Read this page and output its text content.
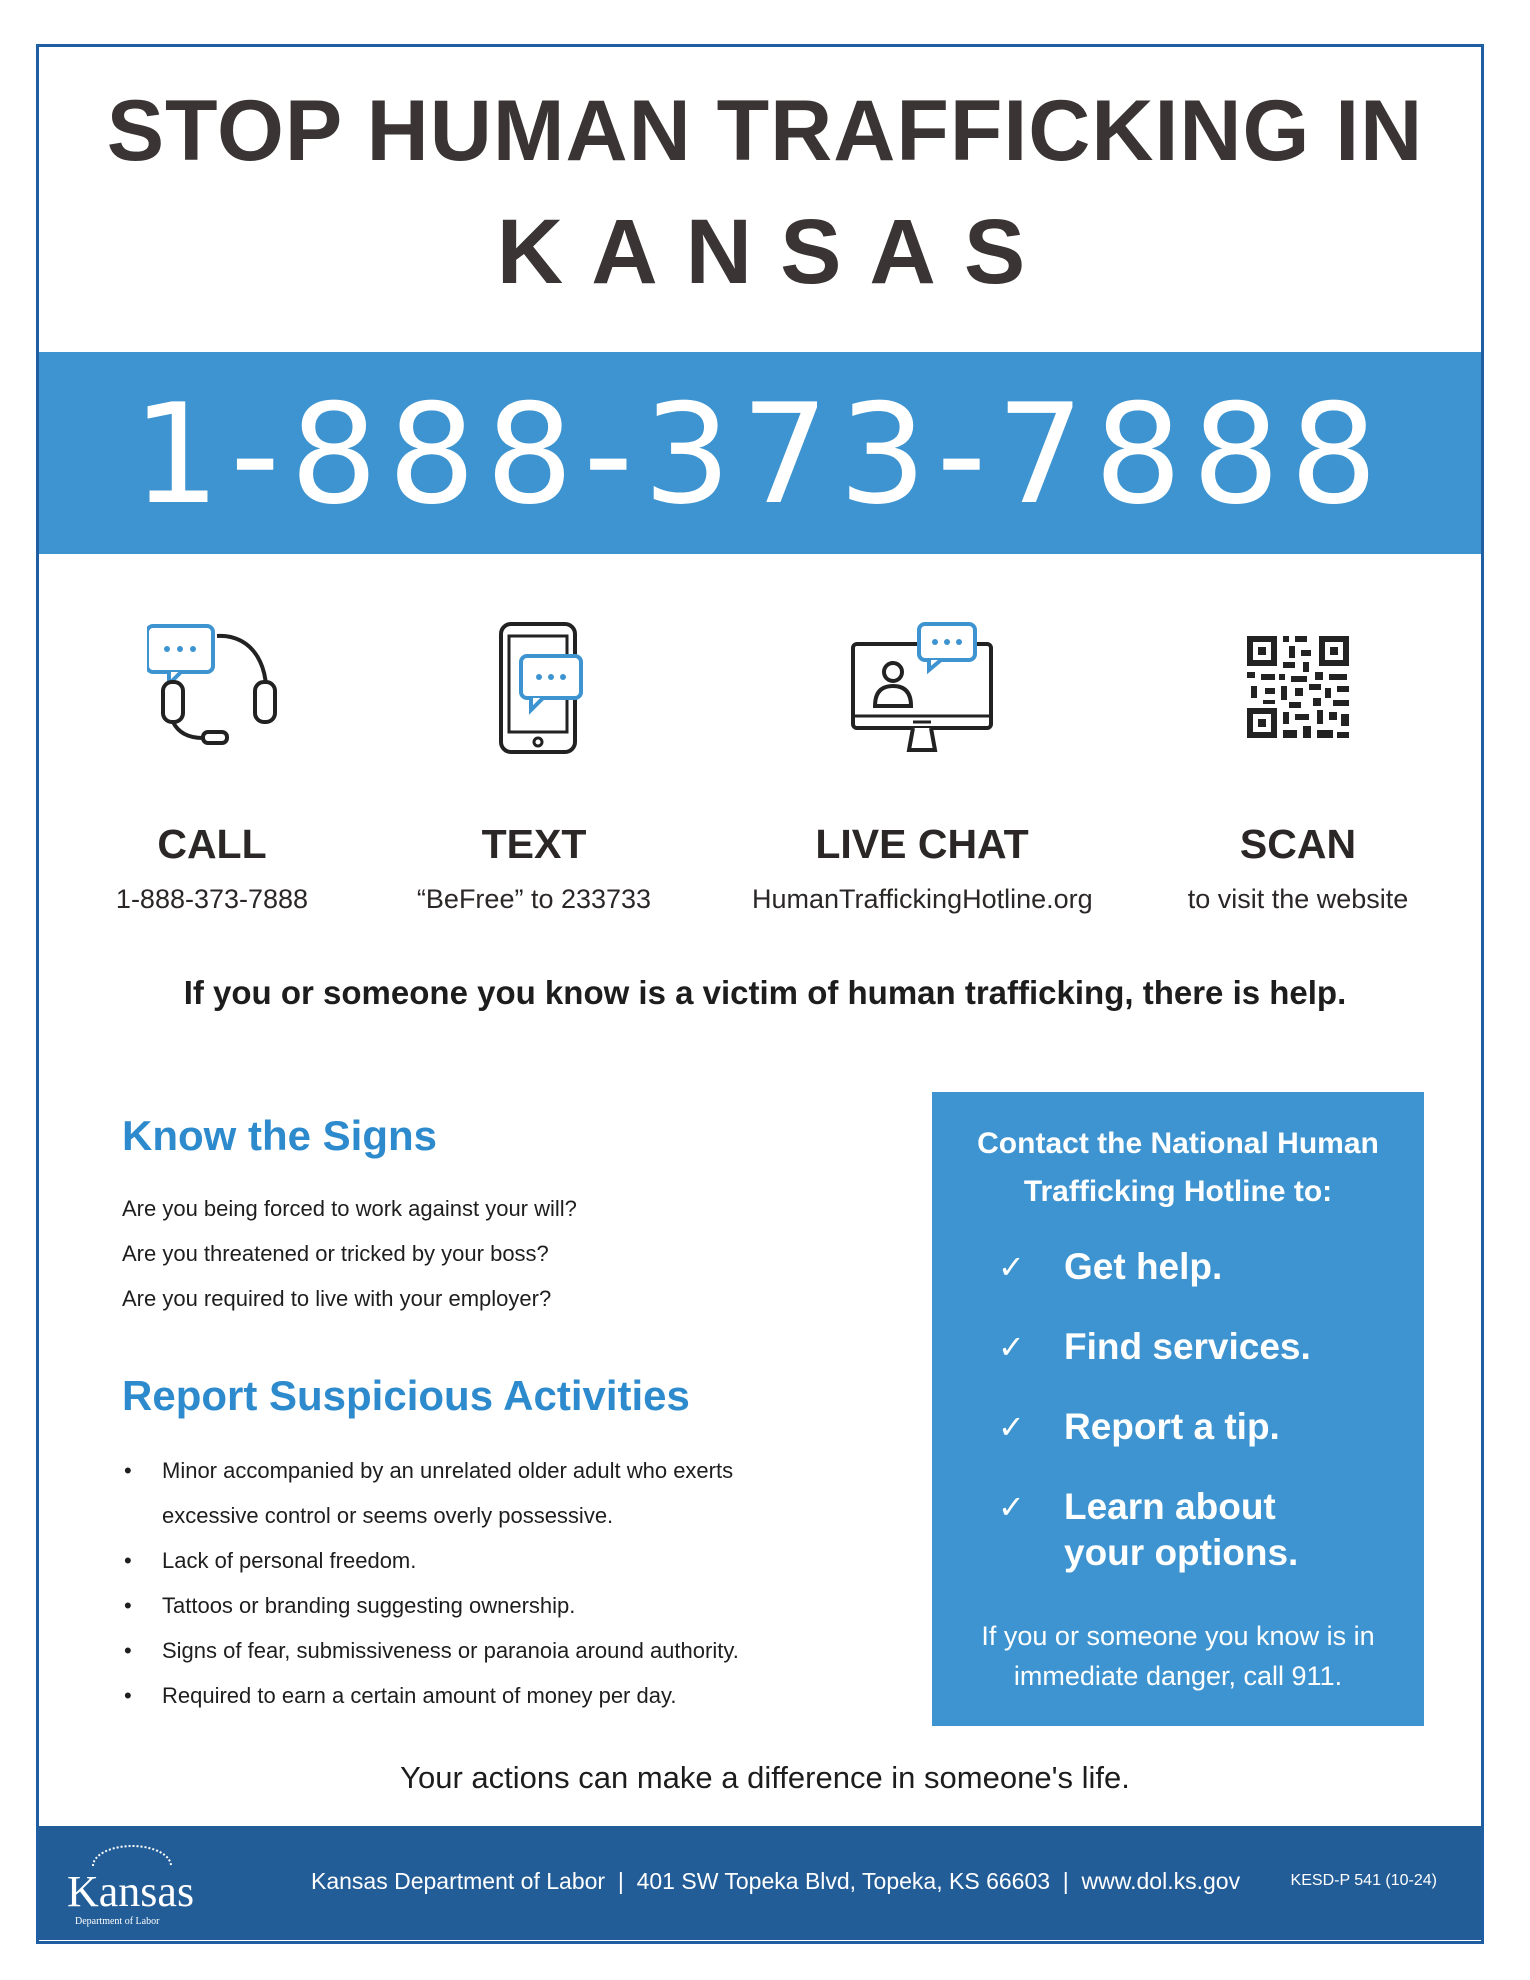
STOP HUMAN TRAFFICKING IN
KANSAS
1-888-373-7888
CALL
1-888-373-7888
TEXT
“BeFree” to 233733
LIVE CHAT
HumanTraffickingHotline.org
SCAN
to visit the website
If you or someone you know is a victim of human trafficking, there is help.
Know the Signs
Are you being forced to work against your will?
Are you threatened or tricked by your boss?
Are you required to live with your employer?
Report Suspicious Activities
• Minor accompanied by an unrelated older adult who exerts excessive control or seems overly possessive.
• Lack of personal freedom.
• Tattoos or branding suggesting ownership.
• Signs of fear, submissiveness or paranoia around authority.
• Required to earn a certain amount of money per day.
Contact the National Human Trafficking Hotline to:
✓ Get help.
✓ Find services.
✓ Report a tip.
✓ Learn about your options.
If you or someone you know is in immediate danger, call 911.
Your actions can make a difference in someone's life.
Kansas
Department of Labor
Kansas Department of Labor  |  401 SW Topeka Blvd, Topeka, KS 66603  |  www.dol.ks.gov	KESD-P 541 (10-24)
